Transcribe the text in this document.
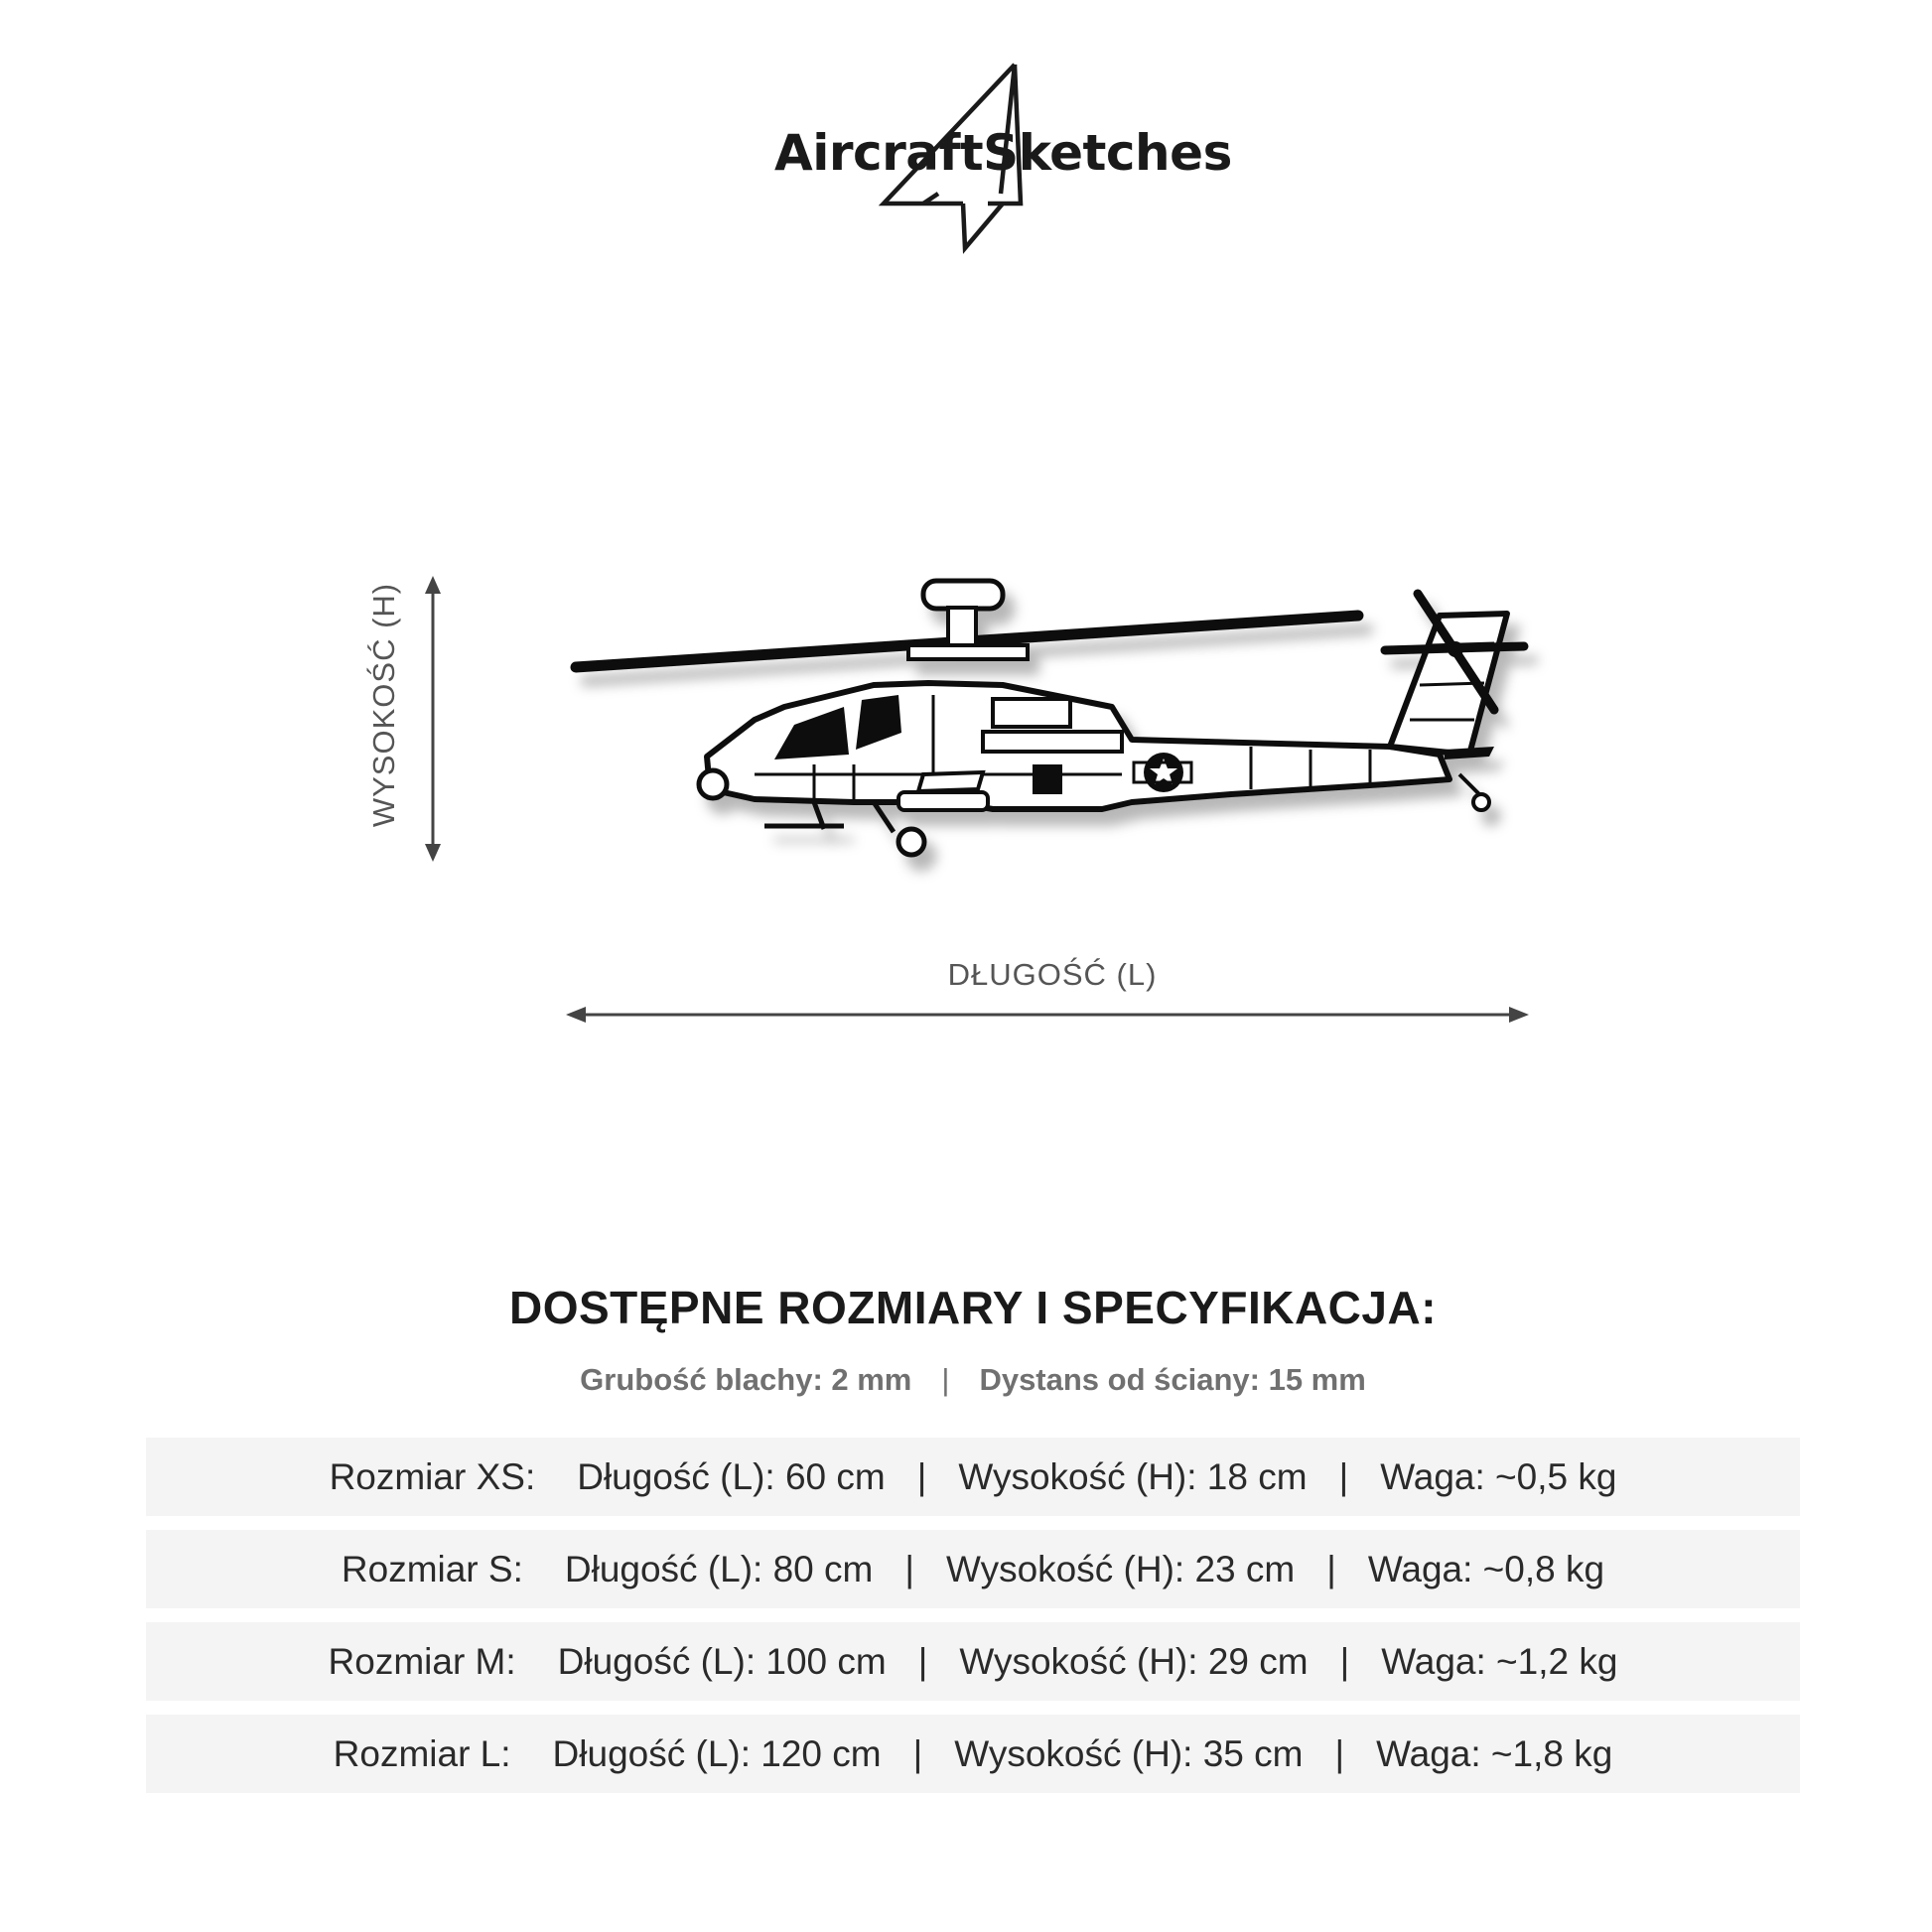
AircraftSketches
WYSOKOŚĆ (H)
DŁUGOŚĆ (L)
DOSTĘPNE ROZMIARY I SPECYFIKACJA:
Grubość blachy: 2 mm | Dystans od ściany: 15 mm
Rozmiar XS: Długość (L): 60 cm | Wysokość (H): 18 cm | Waga: ~0,5 kg
Rozmiar S: Długość (L): 80 cm | Wysokość (H): 23 cm | Waga: ~0,8 kg
Rozmiar M: Długość (L): 100 cm | Wysokość (H): 29 cm | Waga: ~1,2 kg
Rozmiar L: Długość (L): 120 cm | Wysokość (H): 35 cm | Waga: ~1,8 kg
